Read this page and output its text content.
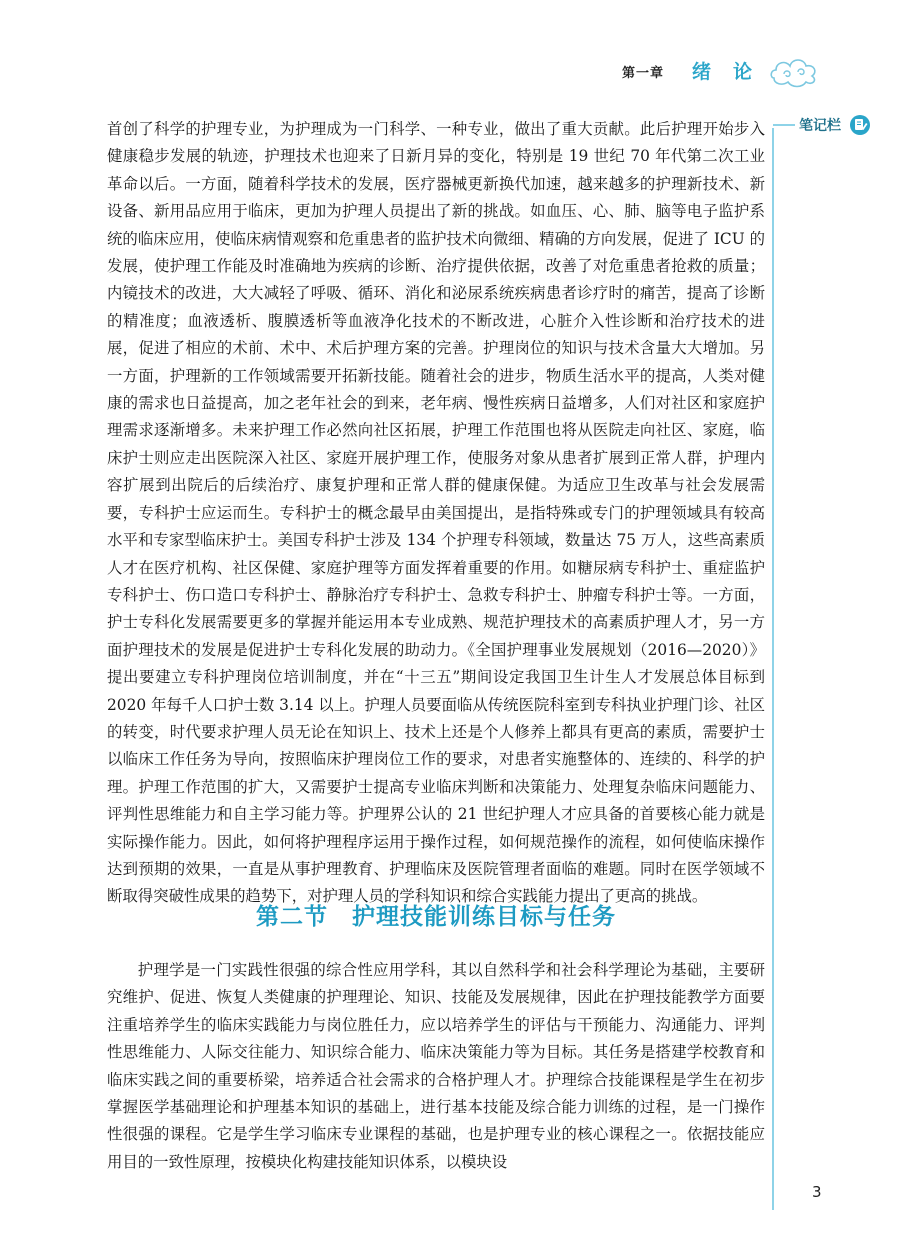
第一章 绪论
笔记栏

首创了科学的护理专业，为护理成为一门科学、一种专业，做出了重大贡献。此后护理开始步入健康稳步发展的轨迹，护理技术也迎来了日新月异的变化，特别是 19 世纪 70 年代第二次工业革命以后。一方面，随着科学技术的发展，医疗器械更新换代加速，越来越多的护理新技术、新设备、新用品应用于临床，更加为护理人员提出了新的挑战。如血压、心、肺、脑等电子监护系统的临床应用，使临床病情观察和危重患者的监护技术向微细、精确的方向发展，促进了 ICU 的发展，使护理工作能及时准确地为疾病的诊断、治疗提供依据，改善了对危重患者抢救的质量；内镜技术的改进，大大减轻了呼吸、循环、消化和泌尿系统疾病患者诊疗时的痛苦，提高了诊断的精准度；血液透析、腹膜透析等血液净化技术的不断改进，心脏介入性诊断和治疗技术的进展，促进了相应的术前、术中、术后护理方案的完善。护理岗位的知识与技术含量大大增加。另一方面，护理新的工作领域需要开拓新技能。随着社会的进步，物质生活水平的提高，人类对健康的需求也日益提高，加之老年社会的到来，老年病、慢性疾病日益增多，人们对社区和家庭护理需求逐渐增多。未来护理工作必然向社区拓展，护理工作范围也将从医院走向社区、家庭，临床护士则应走出医院深入社区、家庭开展护理工作，使服务对象从患者扩展到正常人群，护理内容扩展到出院后的后续治疗、康复护理和正常人群的健康保健。为适应卫生改革与社会发展需要，专科护士应运而生。专科护士的概念最早由美国提出，是指特殊或专门的护理领域具有较高水平和专家型临床护士。美国专科护士涉及 134 个护理专科领域，数量达 75 万人，这些高素质人才在医疗机构、社区保健、家庭护理等方面发挥着重要的作用。如糖尿病专科护士、重症监护专科护士、伤口造口专科护士、静脉治疗专科护士、急救专科护士、肿瘤专科护士等。一方面，护士专科化发展需要更多的掌握并能运用本专业成熟、规范护理技术的高素质护理人才，另一方面护理技术的发展是促进护士专科化发展的助动力。《全国护理事业发展规划（2016—2020）》提出要建立专科护理岗位培训制度，并在“十三五”期间设定我国卫生计生人才发展总体目标到 2020 年每千人口护士数 3.14 以上。护理人员要面临从传统医院科室到专科执业护理门诊、社区的转变，时代要求护理人员无论在知识上、技术上还是个人修养上都具有更高的素质，需要护士以临床工作任务为导向，按照临床护理岗位工作的要求，对患者实施整体的、连续的、科学的护理。护理工作范围的扩大，又需要护士提高专业临床判断和决策能力、处理复杂临床问题能力、评判性思维能力和自主学习能力等。护理界公认的 21 世纪护理人才应具备的首要核心能力就是实际操作能力。因此，如何将护理程序运用于操作过程，如何规范操作的流程，如何使临床操作达到预期的效果，一直是从事护理教育、护理临床及医院管理者面临的难题。同时在医学领域不断取得突破性成果的趋势下，对护理人员的学科知识和综合实践能力提出了更高的挑战。

第二节　护理技能训练目标与任务

护理学是一门实践性很强的综合性应用学科，其以自然科学和社会科学理论为基础，主要研究维护、促进、恢复人类健康的护理理论、知识、技能及发展规律，因此在护理技能教学方面要注重培养学生的临床实践能力与岗位胜任力，应以培养学生的评估与干预能力、沟通能力、评判性思维能力、人际交往能力、知识综合能力、临床决策能力等为目标。其任务是搭建学校教育和临床实践之间的重要桥梁，培养适合社会需求的合格护理人才。护理综合技能课程是学生在初步掌握医学基础理论和护理基本知识的基础上，进行基本技能及综合能力训练的过程，是一门操作性很强的课程。它是学生学习临床专业课程的基础，也是护理专业的核心课程之一。依据技能应用目的一致性原理，按模块化构建技能知识体系，以模块设

3
